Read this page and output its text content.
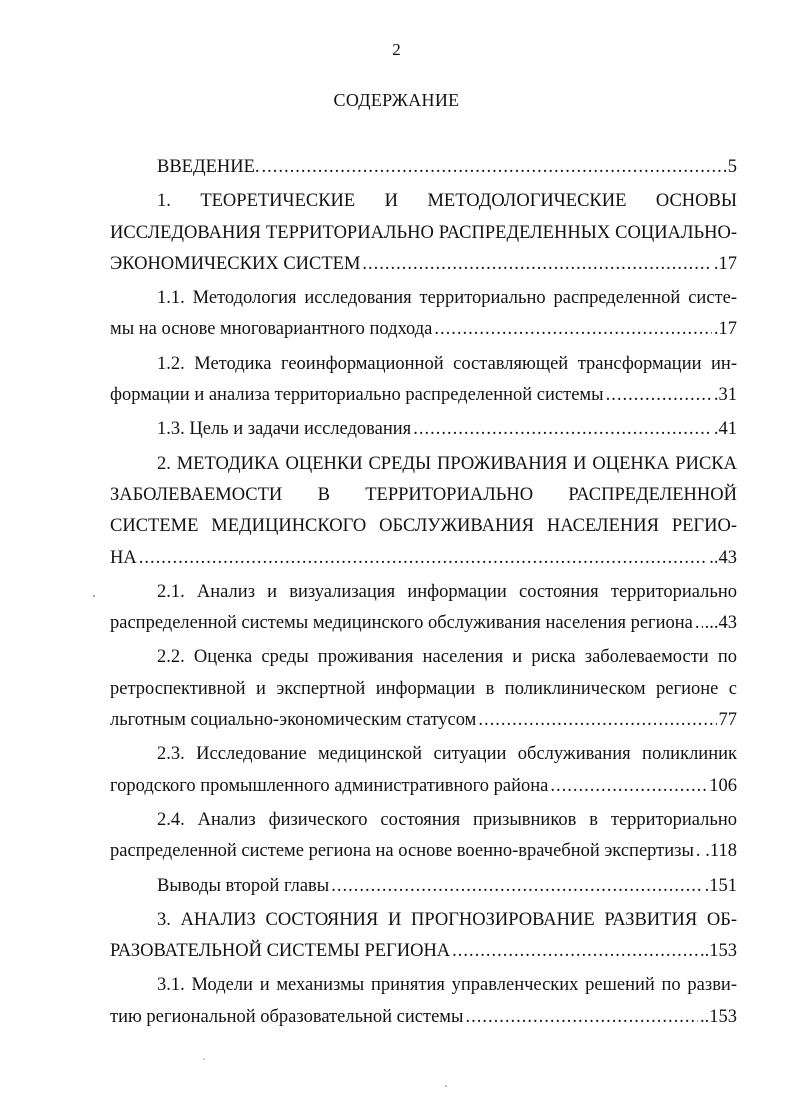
2
СОДЕРЖАНИЕ
ВВЕДЕНИЕ. .....	5
1. ТЕОРЕТИЧЕСКИЕ И МЕТОДОЛОГИЧЕСКИЕ ОСНОВЫ ИССЛЕДОВАНИЯ ТЕРРИТОРИАЛЬНО РАСПРЕДЕЛЕННЫХ СОЦИАЛЬНО-
ЭКОНОМИЧЕСКИХ СИСТЕМ .....	.17
1.1. Методология исследования территориально распределенной систе-
мы на основе многовариантного подхода .....	.17
1.2. Методика геоинформационной составляющей трансформации ин-
формации и анализа территориально распределенной системы .....	.31
1.3. Цель и задачи исследования .....	.41
2. МЕТОДИКА ОЦЕНКИ СРЕДЫ ПРОЖИВАНИЯ И ОЦЕНКА РИСКА ЗАБОЛЕВАЕМОСТИ В ТЕРРИТОРИАЛЬНО РАСПРЕДЕЛЕННОЙ СИСТЕМЕ МЕДИЦИНСКОГО ОБСЛУЖИВАНИЯ НАСЕЛЕНИЯ РЕГИО-
НА .....	..43
2.1. Анализ и визуализация информации состояния территориально
распределенной системы медицинского обслуживания населения региона ..... ...43
2.2. Оценка среды проживания населения и риска заболеваемости по ретроспективной и экспертной информации в поликлиническом регионе с
льготным социально-экономическим статусом .....	77
2.3. Исследование медицинской ситуации обслуживания поликлиник
городского промышленного административного района .....	106
2.4. Анализ физического состояния призывников в территориально
распределенной системе региона на основе военно-врачебной экспертизы ..... .118
Выводы второй главы .....	.151
3. АНАЛИЗ СОСТОЯНИЯ И ПРОГНОЗИРОВАНИЕ РАЗВИТИЯ ОБ-
РАЗОВАТЕЛЬНОЙ СИСТЕМЫ РЕГИОНА .....	..153
3.1. Модели и механизмы принятия управленческих решений по разви-
тию региональной образовательной системы .....	..153
